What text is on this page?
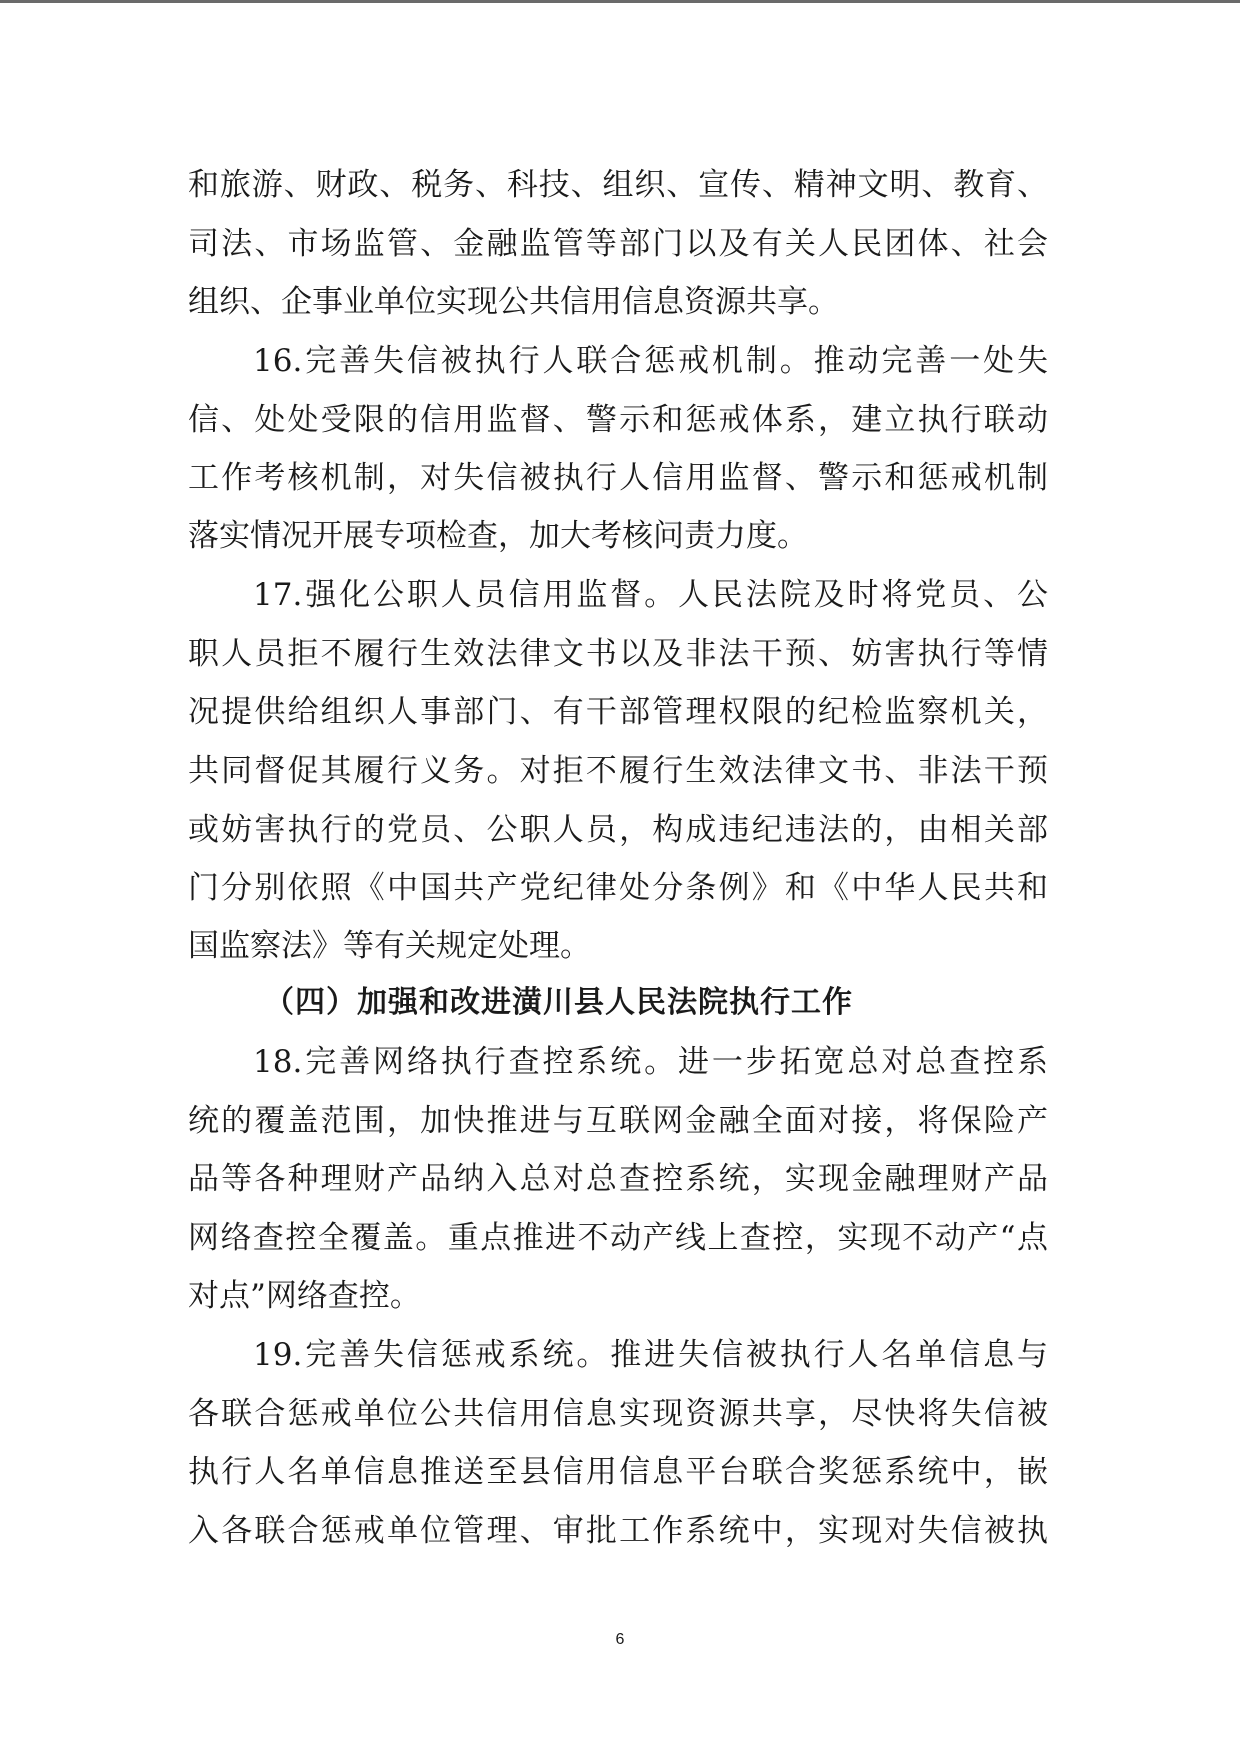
和旅游、财政、税务、科技、组织、宣传、精神文明、教育、
司法、市场监管、金融监管等部门以及有关人民团体、社会
组织、企事业单位实现公共信用信息资源共享。
16.完善失信被执行人联合惩戒机制。推动完善一处失
信、处处受限的信用监督、警示和惩戒体系，建立执行联动
工作考核机制，对失信被执行人信用监督、警示和惩戒机制
落实情况开展专项检查，加大考核问责力度。
17.强化公职人员信用监督。人民法院及时将党员、公
职人员拒不履行生效法律文书以及非法干预、妨害执行等情
况提供给组织人事部门、有干部管理权限的纪检监察机关，
共同督促其履行义务。对拒不履行生效法律文书、非法干预
或妨害执行的党员、公职人员，构成违纪违法的，由相关部
门分别依照《中国共产党纪律处分条例》和《中华人民共和
国监察法》等有关规定处理。
（四）加强和改进潢川县人民法院执行工作
18.完善网络执行查控系统。进一步拓宽总对总查控系
统的覆盖范围，加快推进与互联网金融全面对接，将保险产
品等各种理财产品纳入总对总查控系统，实现金融理财产品
网络查控全覆盖。重点推进不动产线上查控，实现不动产“点
对点”网络查控。
19.完善失信惩戒系统。推进失信被执行人名单信息与
各联合惩戒单位公共信用信息实现资源共享，尽快将失信被
执行人名单信息推送至县信用信息平台联合奖惩系统中，嵌
入各联合惩戒单位管理、审批工作系统中，实现对失信被执
6
